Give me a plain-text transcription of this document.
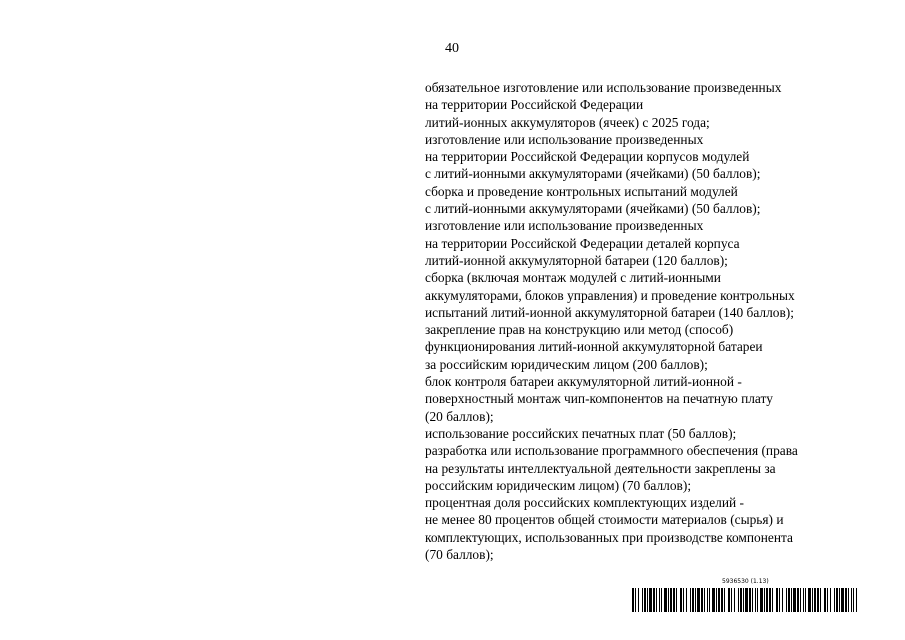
40
обязательное изготовление или использование произведенных
на территории Российской Федерации
литий-ионных аккумуляторов (ячеек) с 2025 года;
изготовление или использование произведенных
на территории Российской Федерации корпусов модулей
с литий-ионными аккумуляторами (ячейками) (50 баллов);
сборка и проведение контрольных испытаний модулей
с литий-ионными аккумуляторами (ячейками) (50 баллов);
изготовление или использование произведенных
на территории Российской Федерации деталей корпуса
литий-ионной аккумуляторной батареи (120 баллов);
сборка (включая монтаж модулей с литий-ионными
аккумуляторами, блоков управления) и проведение контрольных
испытаний литий-ионной аккумуляторной батареи (140 баллов);
закрепление прав на конструкцию или метод (способ)
функционирования литий-ионной аккумуляторной батареи
за российским юридическим лицом (200 баллов);
блок контроля батареи аккумуляторной литий-ионной -
поверхностный монтаж чип-компонентов на печатную плату
(20 баллов);
использование российских печатных плат (50 баллов);
разработка или использование программного обеспечения (права
на результаты интеллектуальной деятельности закреплены за
российским юридическим лицом) (70 баллов);
процентная доля российских комплектующих изделий -
не менее 80 процентов общей стоимости материалов (сырья) и
комплектующих, использованных при производстве компонента
(70 баллов);
5936530 (1.13)
